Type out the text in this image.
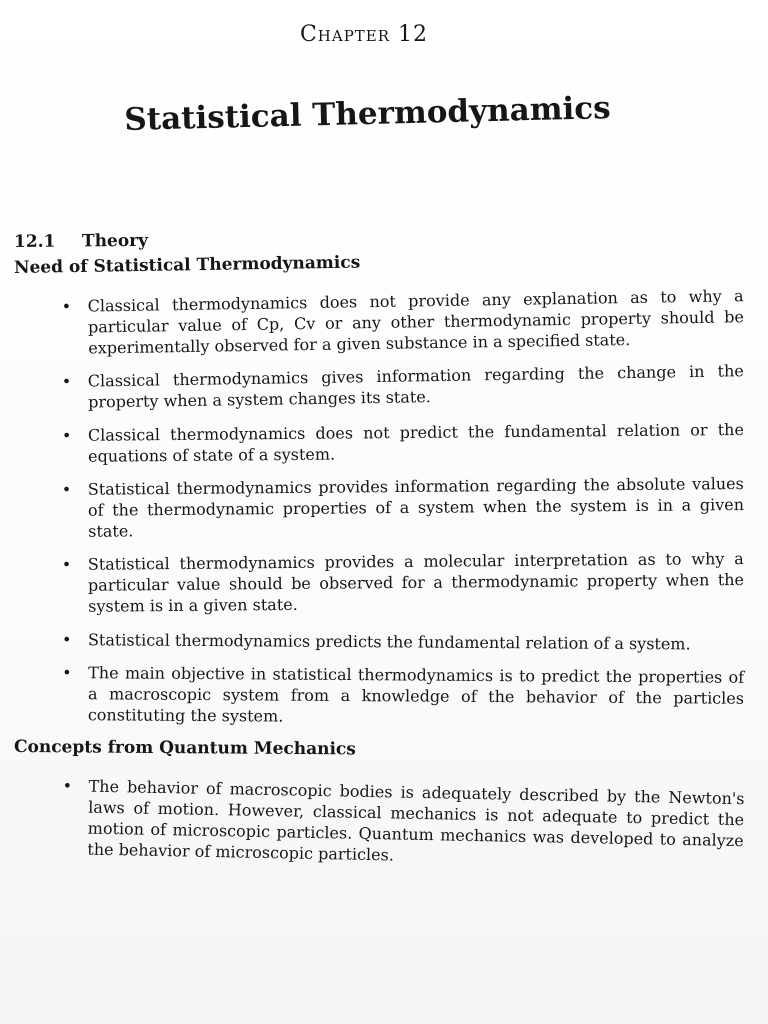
Chapter 12
Statistical Thermodynamics
12.1 Theory
Need of Statistical Thermodynamics
• Classical thermodynamics does not provide any explanation as to why a particular value of Cp, Cv or any other thermodynamic property should be experimentally observed for a given substance in a specified state.
• Classical thermodynamics gives information regarding the change in the property when a system changes its state.
• Classical thermodynamics does not predict the fundamental relation or the equations of state of a system.
• Statistical thermodynamics provides information regarding the absolute values of the thermodynamic properties of a system when the system is in a given state.
• Statistical thermodynamics provides a molecular interpretation as to why a particular value should be observed for a thermodynamic property when the system is in a given state.
• Statistical thermodynamics predicts the fundamental relation of a system.
• The main objective in statistical thermodynamics is to predict the properties of a macroscopic system from a knowledge of the behavior of the particles constituting the system.
Concepts from Quantum Mechanics
• The behavior of macroscopic bodies is adequately described by the Newton's laws of motion. However, classical mechanics is not adequate to predict the motion of microscopic particles. Quantum mechanics was developed to analyze the behavior of microscopic particles.
